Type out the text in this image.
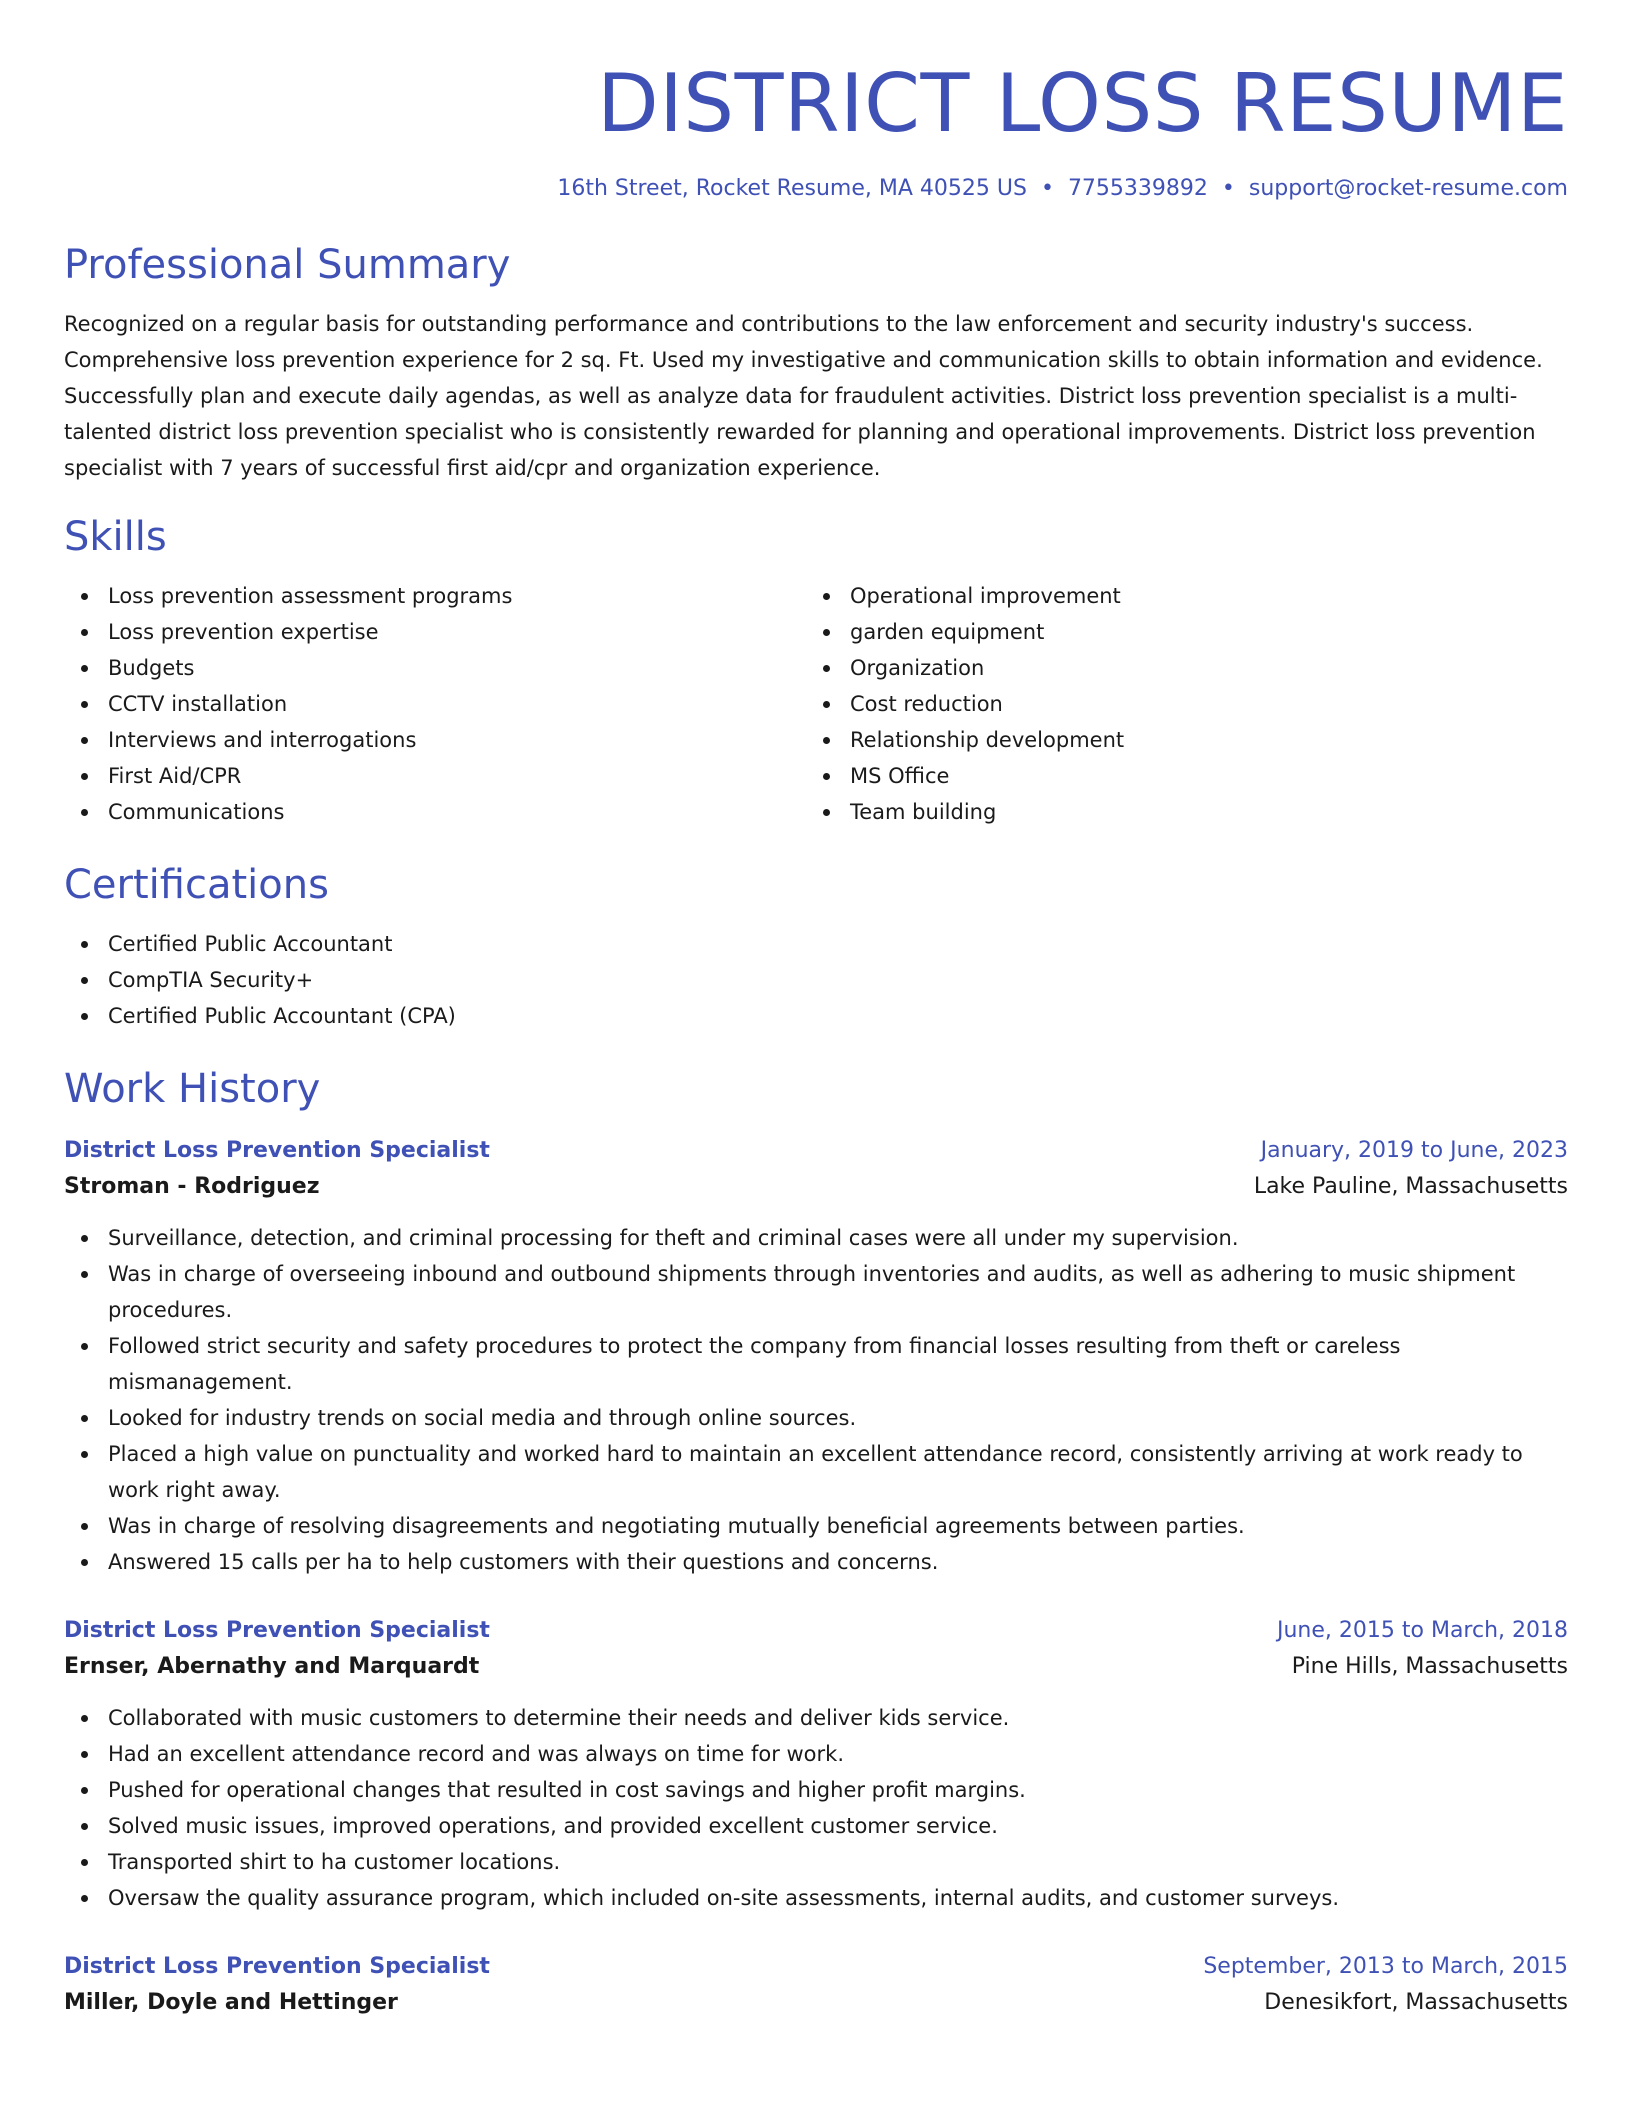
DISTRICT LOSS RESUME
16th Street, Rocket Resume, MA 40525 US • 7755339892 • support@rocket-resume.com
Professional Summary

Recognized on a regular basis for outstanding performance and contributions to the law enforcement and security industry's success. Comprehensive loss prevention experience for 2 sq. Ft. Used my investigative and communication skills to obtain information and evidence. Successfully plan and execute daily agendas, as well as analyze data for fraudulent activities. District loss prevention specialist is a multi-talented district loss prevention specialist who is consistently rewarded for planning and operational improvements. District loss prevention specialist with 7 years of successful first aid/cpr and organization experience.

Skills
Loss prevention assessment programs
Loss prevention expertise
Budgets
CCTV installation
Interviews and interrogations
First Aid/CPR
Communications
Operational improvement
garden equipment
Organization
Cost reduction
Relationship development
MS Office
Team building
Certifications
Certified Public Accountant
CompTIA Security+
Certified Public Accountant (CPA)
Work History
District Loss Prevention Specialist	January, 2019 to June, 2023
Stroman - Rodriguez	Lake Pauline, Massachusetts
Surveillance, detection, and criminal processing for theft and criminal cases were all under my supervision.
Was in charge of overseeing inbound and outbound shipments through inventories and audits, as well as adhering to music shipment procedures.
Followed strict security and safety procedures to protect the company from financial losses resulting from theft or careless mismanagement.
Looked for industry trends on social media and through online sources.
Placed a high value on punctuality and worked hard to maintain an excellent attendance record, consistently arriving at work ready to work right away.
Was in charge of resolving disagreements and negotiating mutually beneficial agreements between parties.
Answered 15 calls per ha to help customers with their questions and concerns.
District Loss Prevention Specialist	June, 2015 to March, 2018
Ernser, Abernathy and Marquardt	Pine Hills, Massachusetts
Collaborated with music customers to determine their needs and deliver kids service.
Had an excellent attendance record and was always on time for work.
Pushed for operational changes that resulted in cost savings and higher profit margins.
Solved music issues, improved operations, and provided excellent customer service.
Transported shirt to ha customer locations.
Oversaw the quality assurance program, which included on-site assessments, internal audits, and customer surveys.
District Loss Prevention Specialist	September, 2013 to March, 2015
Miller, Doyle and Hettinger	Denesikfort, Massachusetts
